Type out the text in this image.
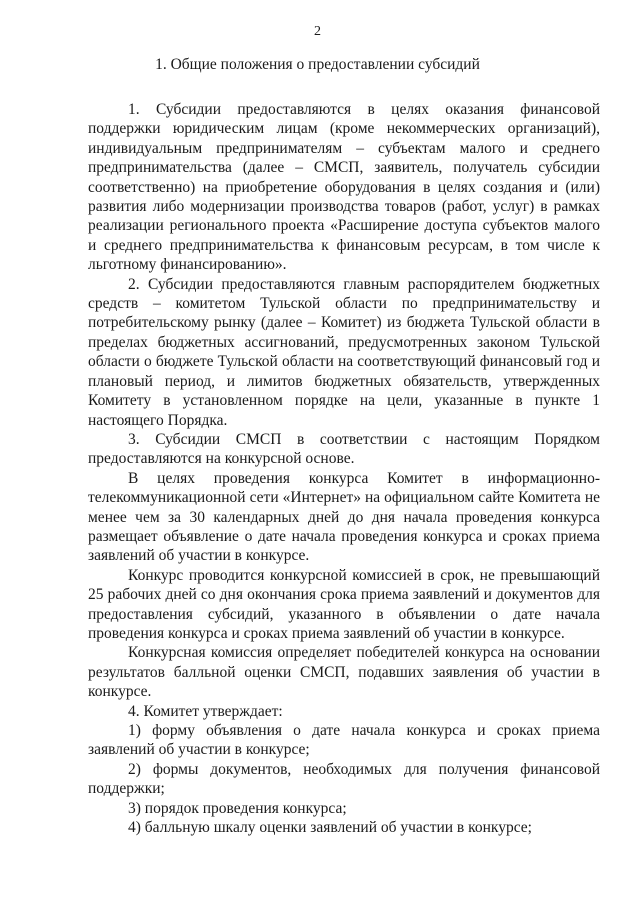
2
1. Общие положения о предоставлении субсидий

1. Субсидии предоставляются в целях оказания финансовой поддержки юридическим лицам (кроме некоммерческих организаций), индивидуальным предпринимателям – субъектам малого и среднего предпринимательства (далее – СМСП, заявитель, получатель субсидии соответственно) на приобретение оборудования в целях создания и (или) развития либо модернизации производства товаров (работ, услуг) в рамках реализации регионального проекта «Расширение доступа субъектов малого и среднего предпринимательства к финансовым ресурсам, в том числе к льготному финансированию».

2. Субсидии предоставляются главным распорядителем бюджетных средств – комитетом Тульской области по предпринимательству и потребительскому рынку (далее – Комитет) из бюджета Тульской области в пределах бюджетных ассигнований, предусмотренных законом Тульской области о бюджете Тульской области на соответствующий финансовый год и плановый период, и лимитов бюджетных обязательств, утвержденных Комитету в установленном порядке на цели, указанные в пункте 1 настоящего Порядка.

3. Субсидии СМСП в соответствии с настоящим Порядком предоставляются на конкурсной основе.

В целях проведения конкурса Комитет в информационно-телекоммуникационной сети «Интернет» на официальном сайте Комитета не менее чем за 30 календарных дней до дня начала проведения конкурса размещает объявление о дате начала проведения конкурса и сроках приема заявлений об участии в конкурсе.

Конкурс проводится конкурсной комиссией в срок, не превышающий 25 рабочих дней со дня окончания срока приема заявлений и документов для предоставления субсидий, указанного в объявлении о дате начала проведения конкурса и сроках приема заявлений об участии в конкурсе.

Конкурсная комиссия определяет победителей конкурса на основании результатов балльной оценки СМСП, подавших заявления об участии в конкурсе.

4. Комитет утверждает:

1) форму объявления о дате начала конкурса и сроках приема заявлений об участии в конкурсе;

2) формы документов, необходимых для получения финансовой поддержки;

3) порядок проведения конкурса;

4) балльную шкалу оценки заявлений об участии в конкурсе;
